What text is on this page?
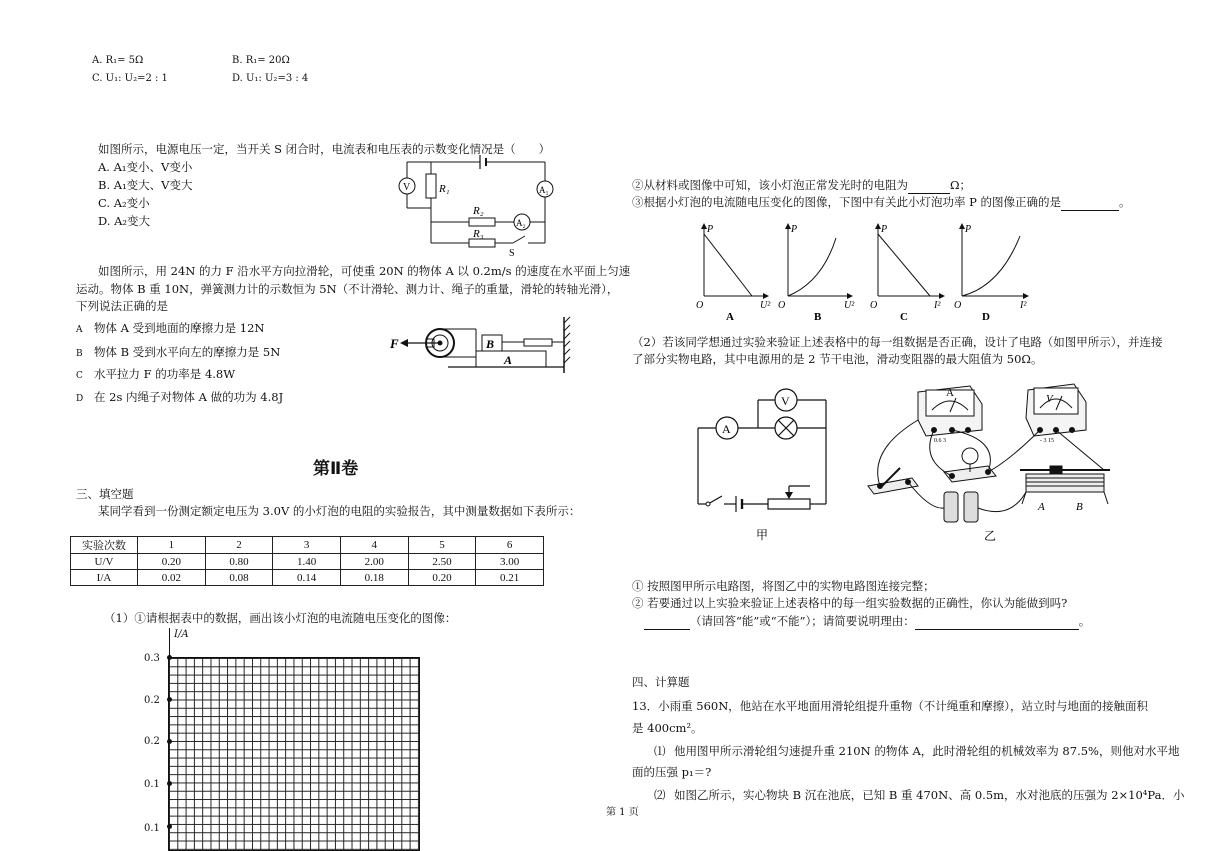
A. R₁= 5Ω	B. R₁= 20Ω
C. U₁: U₂=2 : 1	D. U₁: U₂=3 : 4
如图所示，电源电压一定，当开关 S 闭合时，电流表和电压表的示数变化情况是（　　）
A. A₁变小、V变小
B. A₁变大、V变大
C. A₂变小
D. A₂变大
V	R₁	A₁
R₂
A₂
R₃
S
如图所示，用 24N 的力 F 沿水平方向拉滑轮，可使重 20N 的物体 A 以 0.2m/s 的速度在水平面上匀速
运动。物体 B 重 10N，弹簧测力计的示数恒为 5N（不计滑轮、测力计、绳子的重量，滑轮的转轴光滑），
下列说法正确的是
A 物体 A 受到地面的摩擦力是 12N
B 物体 B 受到水平向左的摩擦力是 5N
C 水平拉力 F 的功率是 4.8W
D 在 2s 内绳子对物体 A 做的功为 4.8J
F	B
A
第Ⅱ卷
三、填空题
某同学看到一份测定额定电压为 3.0V 的小灯泡的电阻的实验报告，其中测量数据如下表所示：
实验次数	1	2	3	4	5	6
U/V	0.20	0.80	1.40	2.00	2.50	3.00
I/A	0.02	0.08	0.14	0.18	0.20	0.21
（1）①请根据表中的数据，画出该小灯泡的电流随电压变化的图像：
I/A
0.3
0.2
0.2
0.1
0.1
②从材料或图像中可知，该小灯泡正常发光时的电阻为	Ω；
③根据小灯泡的电流随电压变化的图像，下图中有关此小灯泡功率 P 的图像正确的是	。
P
O	U²
P
O	U²
P
O	I²
P
O	I²
A	B	C	D
（2）若该同学想通过实验来验证上述表格中的每一组数据是否正确，设计了电路（如图甲所示），并连接
了部分实物电路，其中电源用的是 2 节干电池，滑动变阻器的最大阻值为 50Ω。
A
V
甲
A	V
0.6 3	- 3 15
A	B
乙
① 按照图甲所示电路图，将图乙中的实物电路图连接完整；
② 若要通过以上实验来验证上述表格中的每一组实验数据的正确性，你认为能做到吗?
（请回答“能”或“不能”）；请简要说明理由：	。
四、计算题
13．小雨重 560N，他站在水平地面用滑轮组提升重物（不计绳重和摩擦），站立时与地面的接触面积
是 400cm²。
⑴ 他用图甲所示滑轮组匀速提升重 210N 的物体 A，此时滑轮组的机械效率为 87.5%，则他对水平地
面的压强 p₁＝?
⑵ 如图乙所示，实心物块 B 沉在池底，已知 B 重 470N、高 0.5m，水对池底的压强为 2×10⁴Pa．小
第 1 页
